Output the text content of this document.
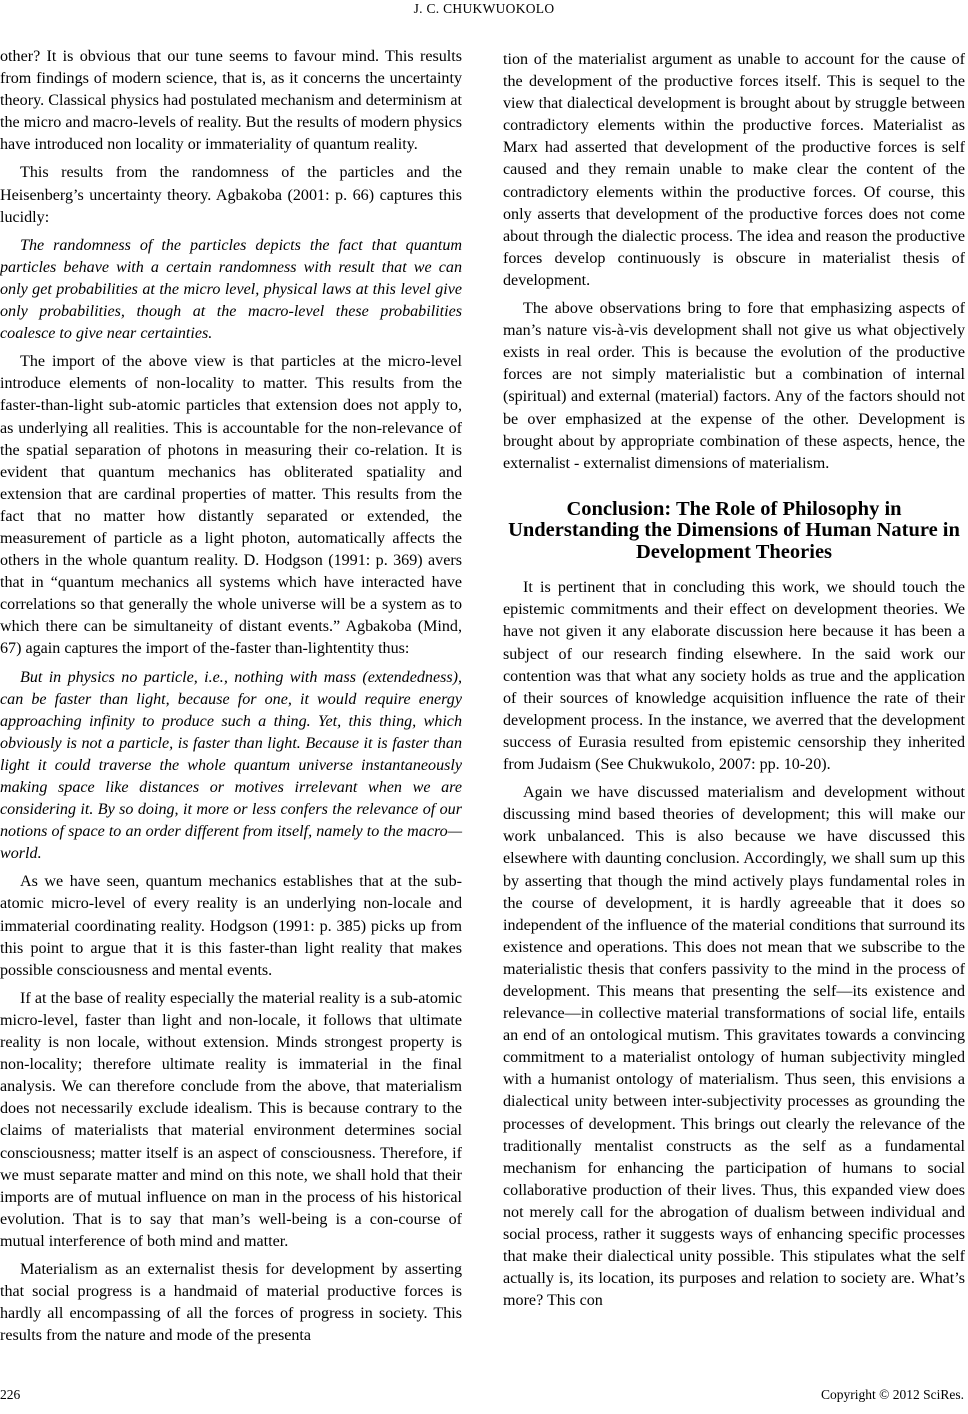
J. C. CHUKWUOKOLO

other? It is obvious that our tune seems to favour mind. This results from findings of modern science, that is, as it concerns the uncertainty theory. Classical physics had postulated mechanism and determinism at the micro and macro-levels of reality. But the results of modern physics have introduced non locality or immateriality of quantum reality.

This results from the randomness of the particles and the Heisenberg’s uncertainty theory. Agbakoba (2001: p. 66) captures this lucidly:

The randomness of the particles depicts the fact that quantum particles behave with a certain randomness with result that we can only get probabilities at the micro level, physical laws at this level give only probabilities, though at the macro-level these probabilities coalesce to give near certainties.

The import of the above view is that particles at the micro-level introduce elements of non-locality to matter. This results from the faster-than-light sub-atomic particles that extension does not apply to, as underlying all realities. This is accountable for the non-relevance of the spatial separation of photons in measuring their co-relation. It is evident that quantum mechanics has obliterated spatiality and extension that are cardinal properties of matter. This results from the fact that no matter how distantly separated or extended, the measurement of particle as a light photon, automatically affects the others in the whole quantum reality. D. Hodgson (1991: p. 369) avers that in “quantum mechanics all systems which have interacted have correlations so that generally the whole universe will be a system as to which there can be simultaneity of distant events.” Agbakoba (Mind, 67) again captures the import of the-faster than-lightentity thus:

But in physics no particle, i.e., nothing with mass (extendedness), can be faster than light, because for one, it would require energy approaching infinity to produce such a thing. Yet, this thing, which obviously is not a particle, is faster than light. Because it is faster than light it could traverse the whole quantum universe instantaneously making space like distances or motives irrelevant when we are considering it. By so doing, it more or less confers the relevance of our notions of space to an order different from itself, namely to the macro—world.

As we have seen, quantum mechanics establishes that at the sub-atomic micro-level of every reality is an underlying non-locale and immaterial coordinating reality. Hodgson (1991: p. 385) picks up from this point to argue that it is this faster-than light reality that makes possible consciousness and mental events.

If at the base of reality especially the material reality is a sub-atomic micro-level, faster than light and non-locale, it follows that ultimate reality is non locale, without extension. Minds strongest property is non-locality; therefore ultimate reality is immaterial in the final analysis. We can therefore conclude from the above, that materialism does not necessarily exclude idealism. This is because contrary to the claims of materialists that material environment determines social consciousness; matter itself is an aspect of consciousness. Therefore, if we must separate matter and mind on this note, we shall hold that their imports are of mutual influence on man in the process of his historical evolution. That is to say that man’s well-being is a con-course of mutual interference of both mind and matter.

Materialism as an externalist thesis for development by asserting that social progress is a handmaid of material productive forces is hardly all encompassing of all the forces of progress in society. This results from the nature and mode of the presenta

tion of the materialist argument as unable to account for the cause of the development of the productive forces itself. This is sequel to the view that dialectical development is brought about by struggle between contradictory elements within the productive forces. Materialist as Marx had asserted that development of the productive forces is self caused and they remain unable to make clear the content of the contradictory elements within the productive forces. Of course, this only asserts that development of the productive forces does not come about through the dialectic process. The idea and reason the productive forces develop continuously is obscure in materialist thesis of development.

The above observations bring to fore that emphasizing aspects of man’s nature vis-à-vis development shall not give us what objectively exists in real order. This is because the evolution of the productive forces are not simply materialistic but a combination of internal (spiritual) and external (material) factors. Any of the factors should not be over emphasized at the expense of the other. Development is brought about by appropriate combination of these aspects, hence, the externalist - externalist dimensions of materialism.

Conclusion: The Role of Philosophy in Understanding the Dimensions of Human Nature in Development Theories

It is pertinent that in concluding this work, we should touch the epistemic commitments and their effect on development theories. We have not given it any elaborate discussion here because it has been a subject of our research finding elsewhere. In the said work our contention was that what any society holds as true and the application of their sources of knowledge acquisition influence the rate of their development process. In the instance, we averred that the development success of Eurasia resulted from epistemic censorship they inherited from Judaism (See Chukwukolo, 2007: pp. 10-20).

Again we have discussed materialism and development without discussing mind based theories of development; this will make our work unbalanced. This is also because we have discussed this elsewhere with daunting conclusion. Accordingly, we shall sum up this by asserting that though the mind actively plays fundamental roles in the course of development, it is hardly agreeable that it does so independent of the influence of the material conditions that surround its existence and operations. This does not mean that we subscribe to the materialistic thesis that confers passivity to the mind in the process of development. This means that presenting the self—its existence and relevance—in collective material transformations of social life, entails an end of an ontological mutism. This gravitates towards a convincing commitment to a materialist ontology of human subjectivity mingled with a humanist ontology of materialism. Thus seen, this envisions a dialectical unity between inter-subjectivity processes as grounding the processes of development. This brings out clearly the relevance of the traditionally mentalist constructs as the self as a fundamental mechanism for enhancing the participation of humans to social collaborative production of their lives. Thus, this expanded view does not merely call for the abrogation of dualism between individual and social process, rather it suggests ways of enhancing specific processes that make their dialectical unity possible. This stipulates what the self actually is, its location, its purposes and relation to society are. What’s more? This con

226	Copyright © 2012 SciRes.
